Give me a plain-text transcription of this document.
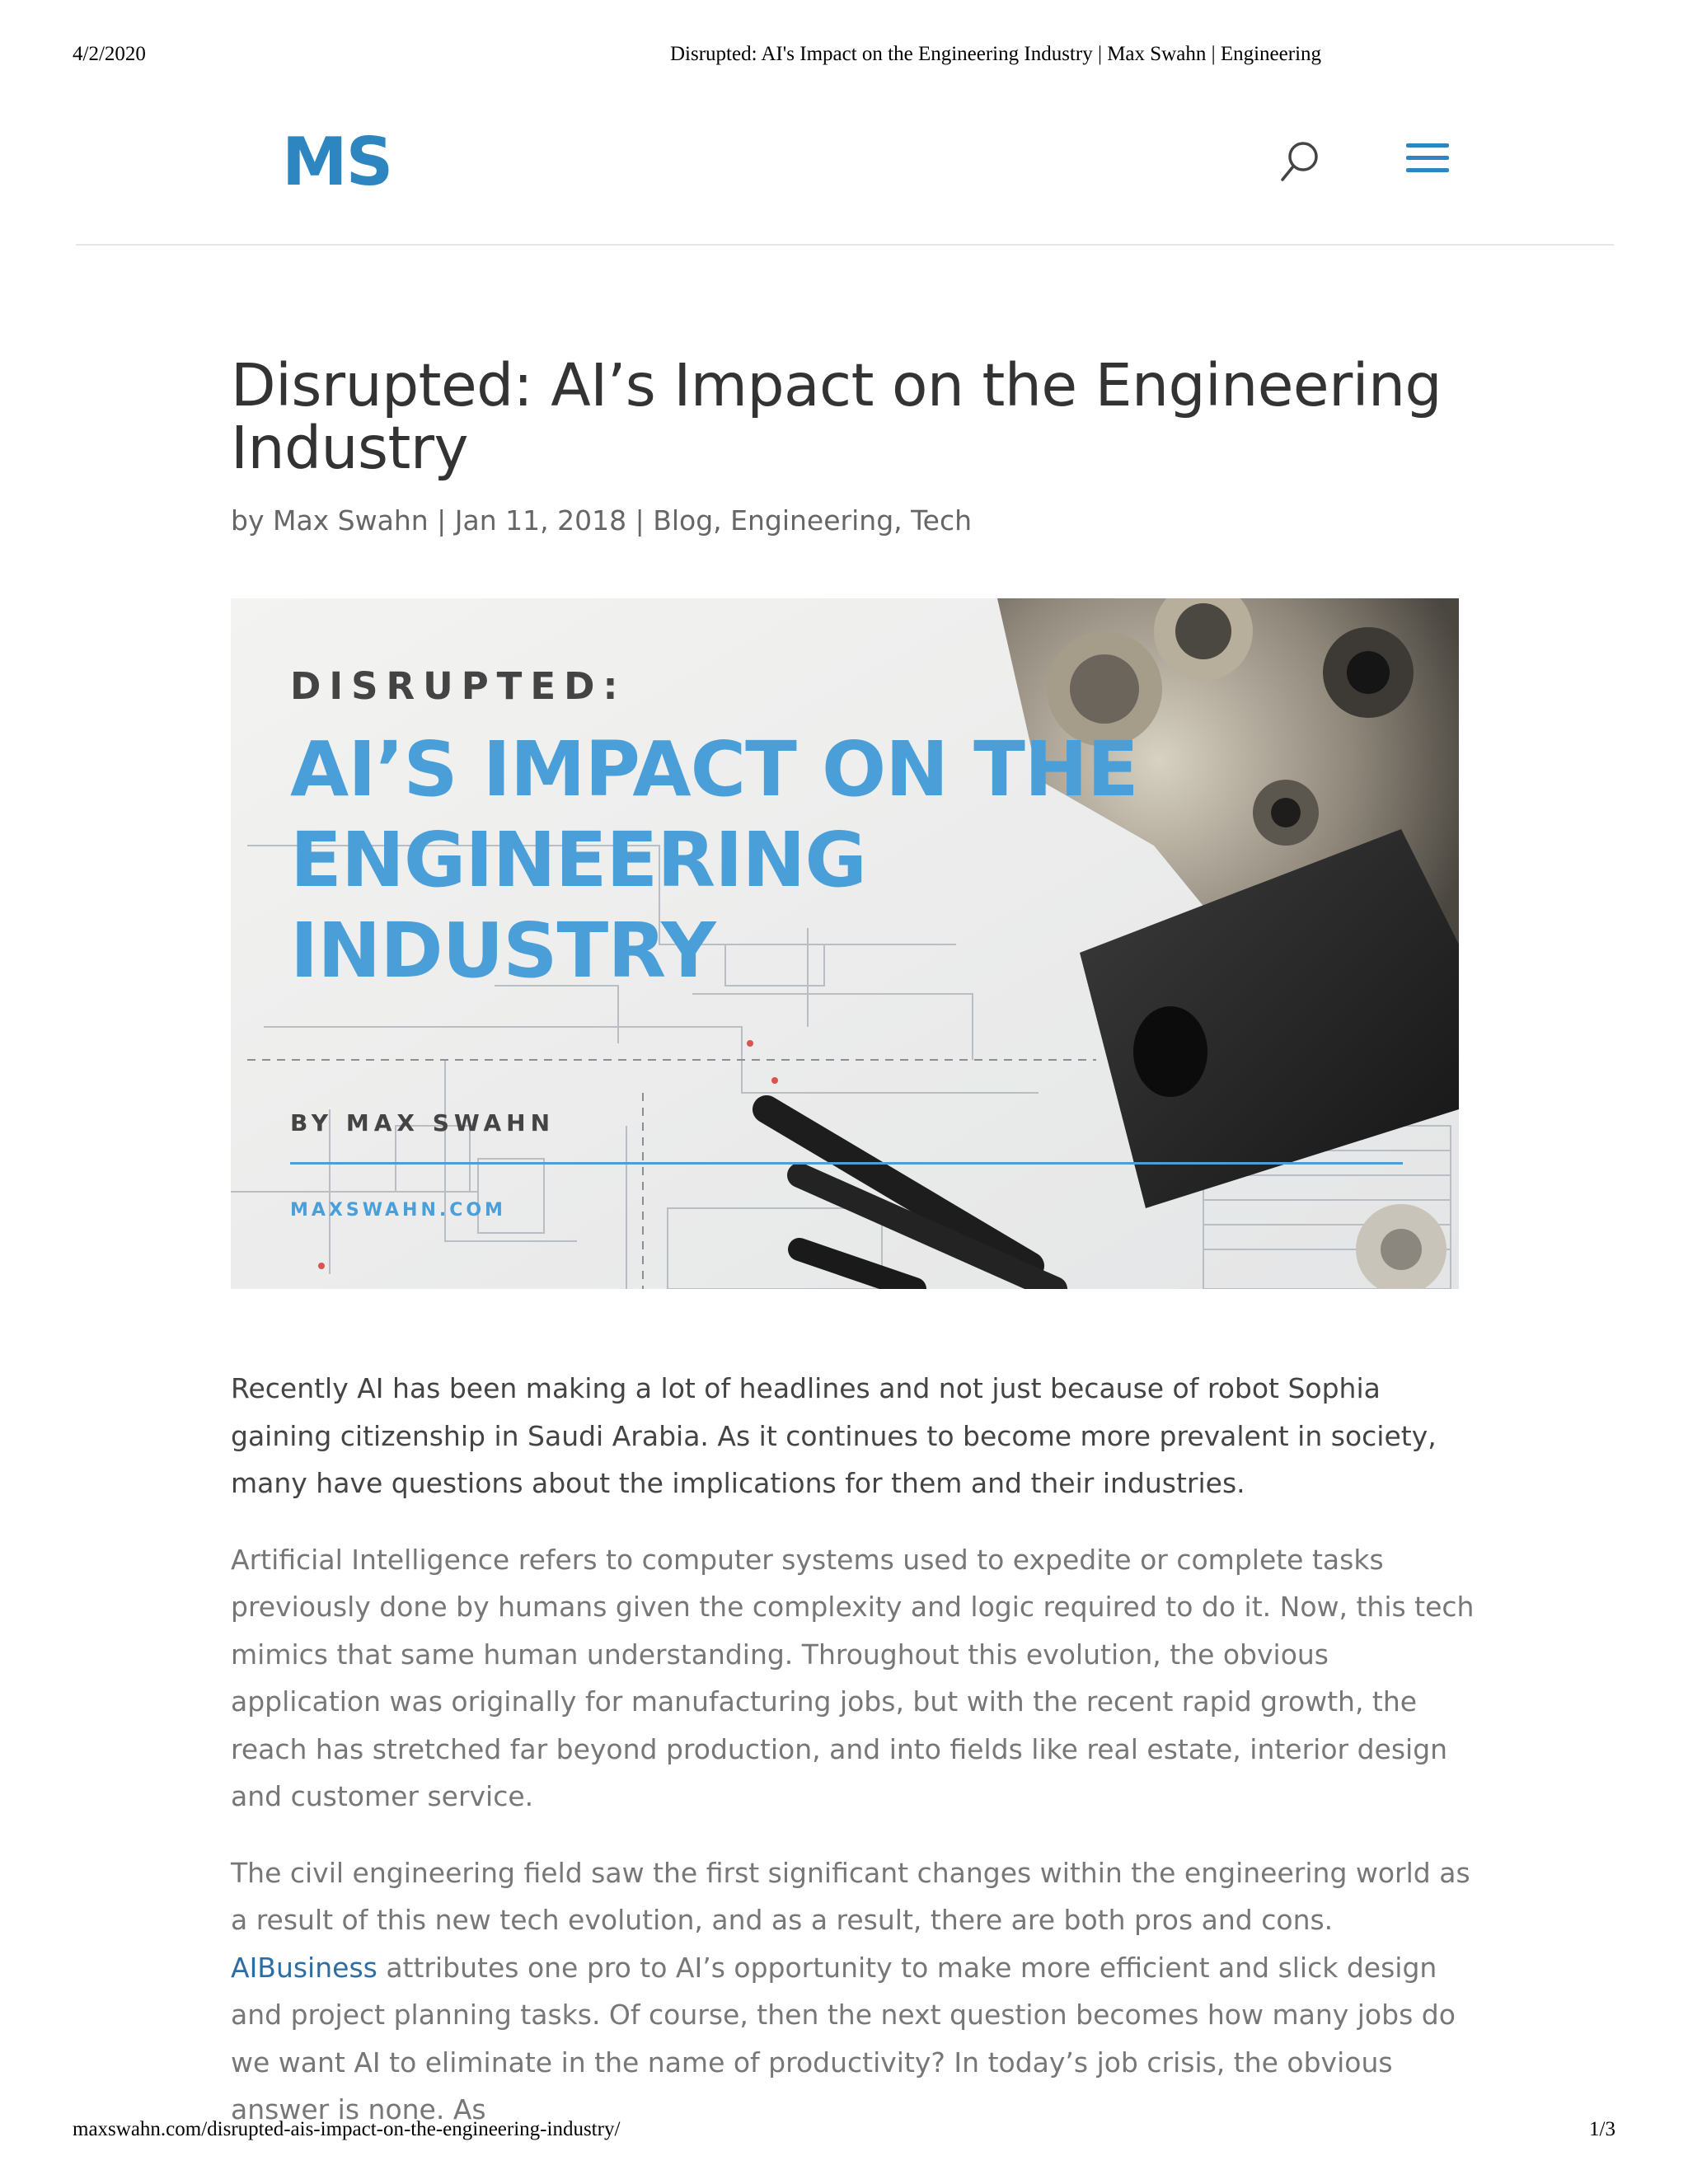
4/2/2020	Disrupted: AI's Impact on the Engineering Industry | Max Swahn | Engineering
MS
Disrupted: AI’s Impact on the Engineering Industry
by Max Swahn | Jan 11, 2018 | Blog, Engineering, Tech
DISRUPTED:
AI’S IMPACT ON THE
ENGINEERING
INDUSTRY
BY MAX SWAHN
MAXSWAHN.COM

Recently AI has been making a lot of headlines and not just because of robot Sophia gaining citizenship in Saudi Arabia. As it continues to become more prevalent in society, many have questions about the implications for them and their industries.

Artificial Intelligence refers to computer systems used to expedite or complete tasks previously done by humans given the complexity and logic required to do it. Now, this tech mimics that same human understanding. Throughout this evolution, the obvious application was originally for manufacturing jobs, but with the recent rapid growth, the reach has stretched far beyond production, and into fields like real estate, interior design and customer service.

The civil engineering field saw the first significant changes within the engineering world as a result of this new tech evolution, and as a result, there are both pros and cons. AIBusiness attributes one pro to AI’s opportunity to make more efficient and slick design and project planning tasks. Of course, then the next question becomes how many jobs do we want AI to eliminate in the name of productivity? In today’s job crisis, the obvious answer is none. As

maxswahn.com/disrupted-ais-impact-on-the-engineering-industry/	1/3
